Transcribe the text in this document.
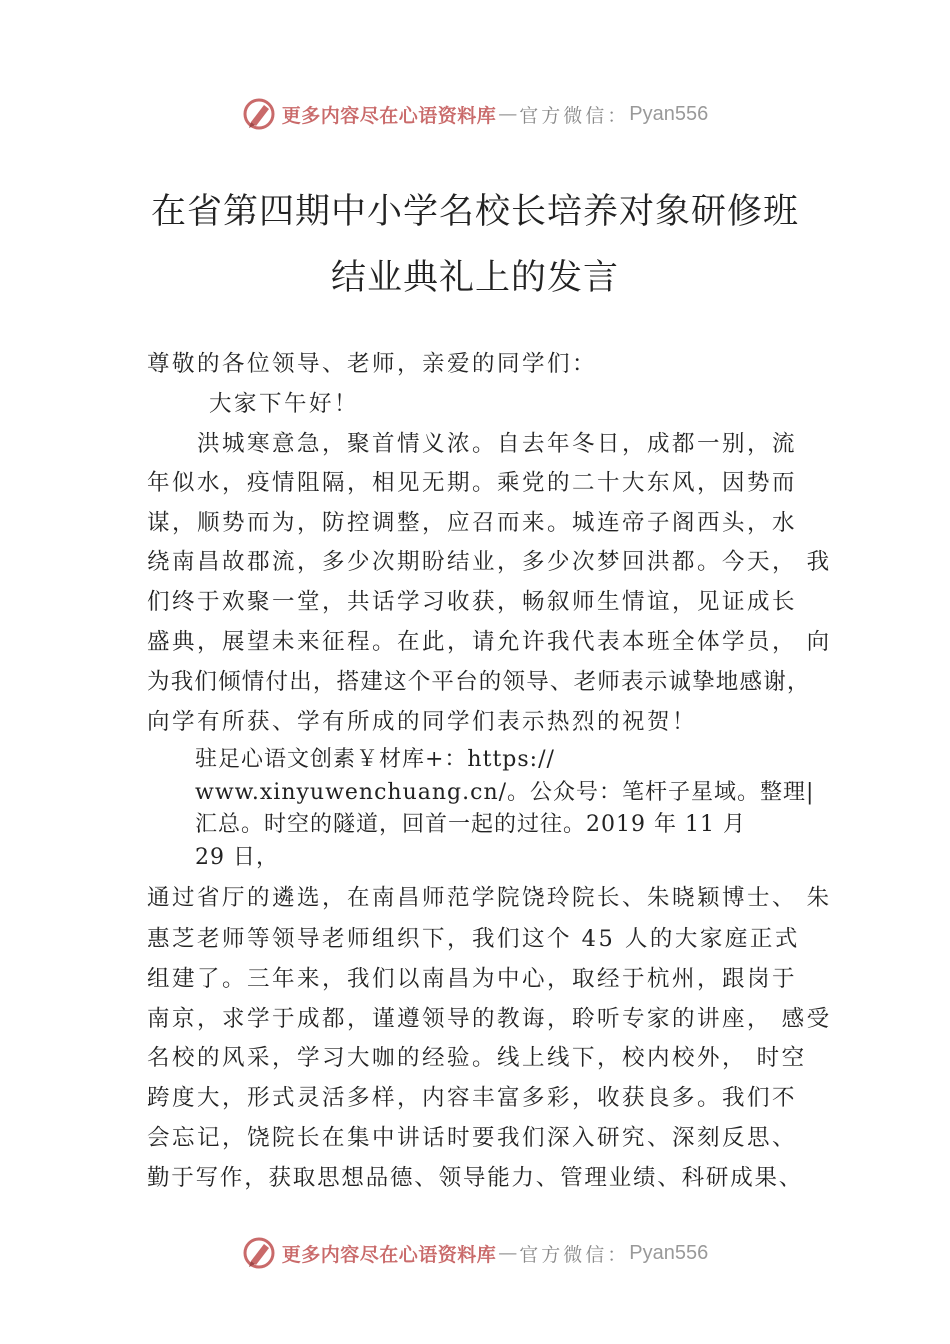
更多内容尽在心语资料库 — 官方微信： Pyan556
在省第四期中小学名校长培养对象研修班
结业典礼上的发言
尊敬的各位领导、老师，亲爱的同学们：
大家下午好！
洪城寒意急，聚首情义浓。自去年冬日，成都一别，流
年似水，疫情阻隔，相见无期。乘党的二十大东风，因势而
谋，顺势而为，防控调整，应召而来。城连帝子阁西头，水
绕南昌故郡流，多少次期盼结业，多少次梦回洪都。今天， 我
们终于欢聚一堂，共话学习收获，畅叙师生情谊，见证成长
盛典，展望未来征程。在此，请允许我代表本班全体学员， 向
为我们倾情付出，搭建这个平台的领导、老师表示诚挚地感谢，
向学有所获、学有所成的同学们表示热烈的祝贺！
驻足心语文创素￥材库+：https://
www.xinyuwenchuang.cn/。公众号：笔杆子星域。整理|
汇总。时空的隧道，回首一起的过往。2019 年 11 月
29 日，
通过省厅的遴选，在南昌师范学院饶玲院长、朱晓颖博士、 朱
惠芝老师等领导老师组织下，我们这个 45 人的大家庭正式
组建了。三年来，我们以南昌为中心，取经于杭州，跟岗于
南京，求学于成都，谨遵领导的教诲，聆听专家的讲座， 感受
名校的风采，学习大咖的经验。线上线下，校内校外， 时空
跨度大，形式灵活多样，内容丰富多彩，收获良多。我们不
会忘记，饶院长在集中讲话时要我们深入研究、深刻反思、
勤于写作，获取思想品德、领导能力、管理业绩、科研成果、
更多内容尽在心语资料库 — 官方微信： Pyan556
